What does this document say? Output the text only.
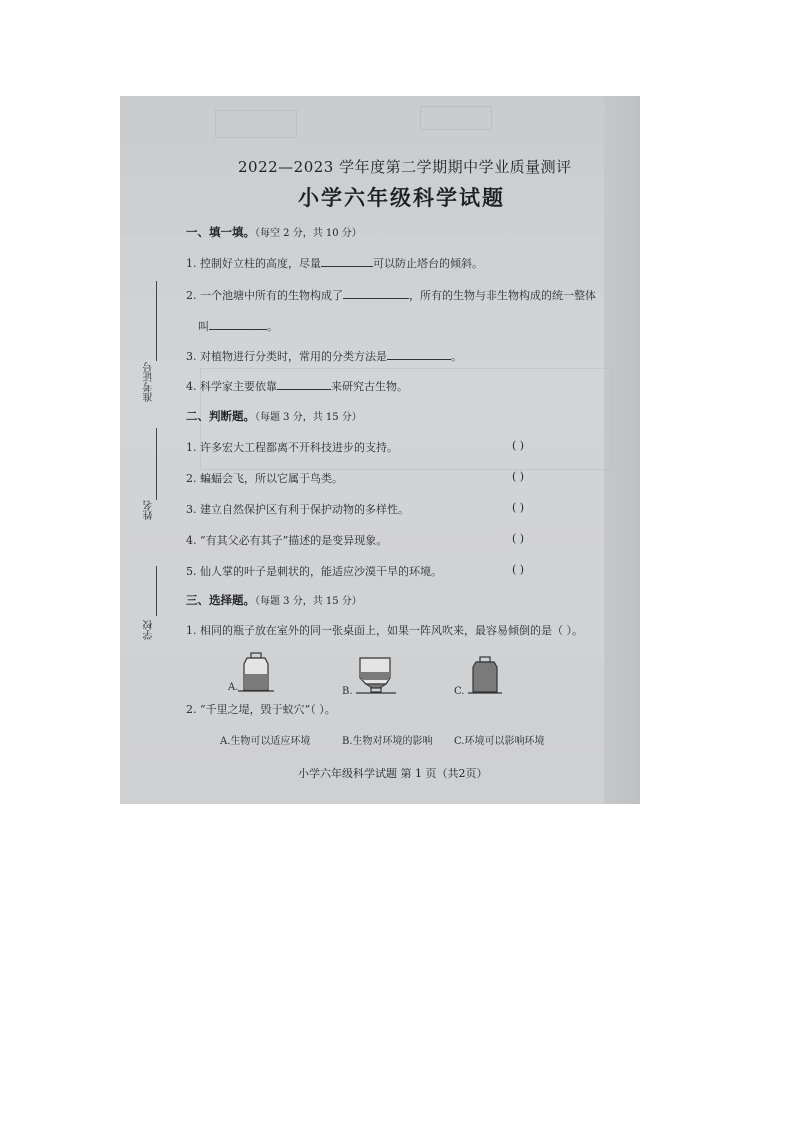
2022—2023 学年度第二学期期中学业质量测评
小学六年级科学试题
准考证号
姓名
学校
一、填一填。（每空 2 分，共 10 分）
1. 控制好立柱的高度，尽量	可以防止塔台的倾斜。
2. 一个池塘中所有的生物构成了	，所有的生物与非生物构成的统一整体
叫	。
3. 对植物进行分类时，常用的分类方法是	。
4. 科学家主要依靠	来研究古生物。
二、判断题。（每题 3 分，共 15 分）
1. 许多宏大工程都离不开科技进步的支持。	( )
2. 蝙蝠会飞，所以它属于鸟类。	( )
3. 建立自然保护区有利于保护动物的多样性。	( )
4. “有其父必有其子”描述的是变异现象。	( )
5. 仙人掌的叶子是刺状的，能适应沙漠干旱的环境。	( )
三、选择题。（每题 3 分，共 15 分）
1. 相同的瓶子放在室外的同一张桌面上，如果一阵风吹来，最容易倾倒的是（ ）。
A.	B.	C.
2. “千里之堤，毁于蚁穴”（ ）。
A.生物可以适应环境	B.生物对环境的影响 C.环境可以影响环境
小学六年级科学试题 第 1 页（共2页）
